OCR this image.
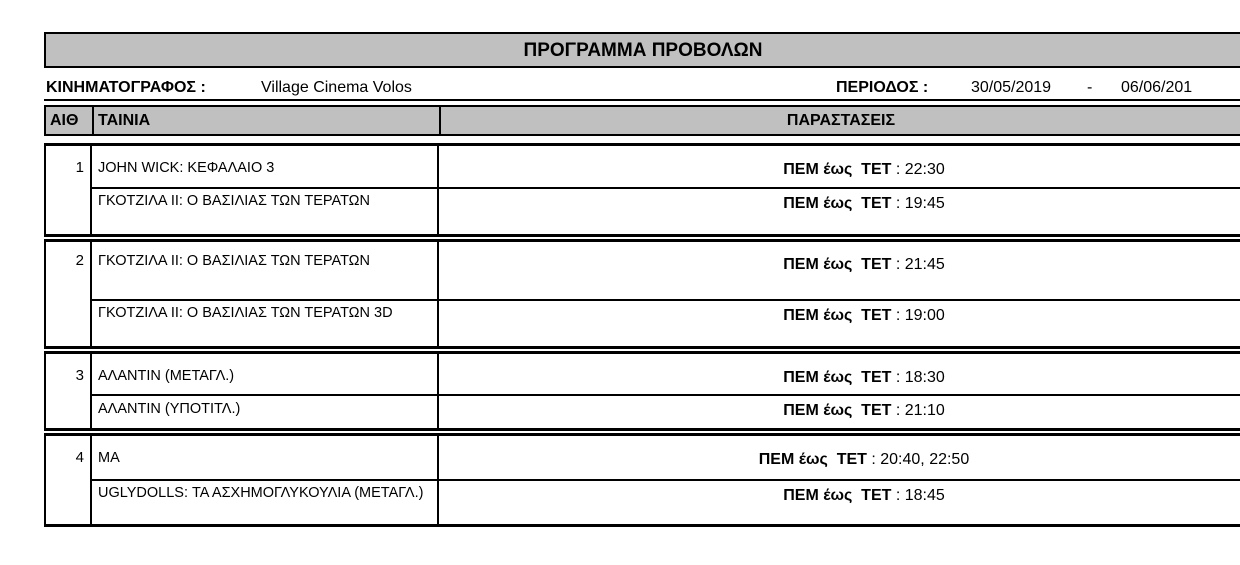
ΠΡΟΓΡΑΜΜΑ ΠΡΟΒΟΛΩΝ
ΚΙΝΗΜΑΤΟΓΡΑΦΟΣ :	Village Cinema Volos	ΠΕΡΙΟΔΟΣ :	30/05/2019 - 06/06/201
ΑΙΘ ΤΑΙΝΙΑ	ΠΑΡΑΣΤΑΣΕΙΣ
1 JOHN WICK: ΚΕΦΑΛΑΙΟ 3	ΠΕΜ έως  ΤΕΤ : 22:30
ΓΚΟΤΖΙΛΑ II: Ο ΒΑΣΙΛΙΑΣ ΤΩΝ ΤΕΡΑΤΩΝ	ΠΕΜ έως  ΤΕΤ : 19:45
2 ΓΚΟΤΖΙΛΑ II: Ο ΒΑΣΙΛΙΑΣ ΤΩΝ ΤΕΡΑΤΩΝ	ΠΕΜ έως  ΤΕΤ : 21:45
ΓΚΟΤΖΙΛΑ II: Ο ΒΑΣΙΛΙΑΣ ΤΩΝ ΤΕΡΑΤΩΝ 3D	ΠΕΜ έως  ΤΕΤ : 19:00
3 ΑΛΑΝΤΙΝ (ΜΕΤΑΓΛ.)	ΠΕΜ έως  ΤΕΤ : 18:30
ΑΛΑΝΤΙΝ (ΥΠΟΤΙΤΛ.)	ΠΕΜ έως  ΤΕΤ : 21:10
4 ΜΑ	ΠΕΜ έως  ΤΕΤ : 20:40, 22:50
UGLYDOLLS: ΤΑ ΑΣΧΗΜΟΓΛΥΚΟΥΛΙΑ (ΜΕΤΑΓΛ.)	ΠΕΜ έως  ΤΕΤ : 18:45
